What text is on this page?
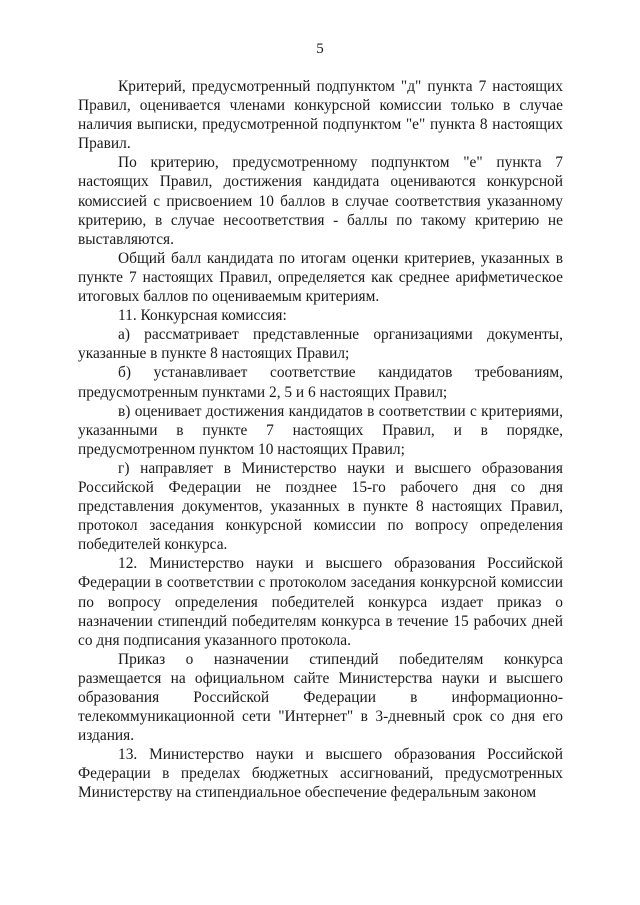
5

Критерий, предусмотренный подпунктом "д" пункта 7 настоящих Правил, оценивается членами конкурсной комиссии только в случае наличия выписки, предусмотренной подпунктом "е" пункта 8 настоящих Правил.

По критерию, предусмотренному подпунктом "е" пункта 7 настоящих Правил, достижения кандидата оцениваются конкурсной комиссией с присвоением 10 баллов в случае соответствия указанному критерию, в случае несоответствия - баллы по такому критерию не выставляются.

Общий балл кандидата по итогам оценки критериев, указанных в пункте 7 настоящих Правил, определяется как среднее арифметическое итоговых баллов по оцениваемым критериям.

11. Конкурсная комиссия:

а) рассматривает представленные организациями документы, указанные в пункте 8 настоящих Правил;

б) устанавливает соответствие кандидатов требованиям, предусмотренным пунктами 2, 5 и 6 настоящих Правил;

в) оценивает достижения кандидатов в соответствии с критериями, указанными в пункте 7 настоящих Правил, и в порядке, предусмотренном пунктом 10 настоящих Правил;

г) направляет в Министерство науки и высшего образования Российской Федерации не позднее 15-го рабочего дня со дня представления документов, указанных в пункте 8 настоящих Правил, протокол заседания конкурсной комиссии по вопросу определения победителей конкурса.

12. Министерство науки и высшего образования Российской Федерации в соответствии с протоколом заседания конкурсной комиссии по вопросу определения победителей конкурса издает приказ о назначении стипендий победителям конкурса в течение 15 рабочих дней со дня подписания указанного протокола.

Приказ о назначении стипендий победителям конкурса размещается на официальном сайте Министерства науки и высшего образования Российской Федерации в информационно-телекоммуникационной сети "Интернет" в 3-дневный срок со дня его издания.

13. Министерство науки и высшего образования Российской Федерации в пределах бюджетных ассигнований, предусмотренных Министерству на стипендиальное обеспечение федеральным законом
